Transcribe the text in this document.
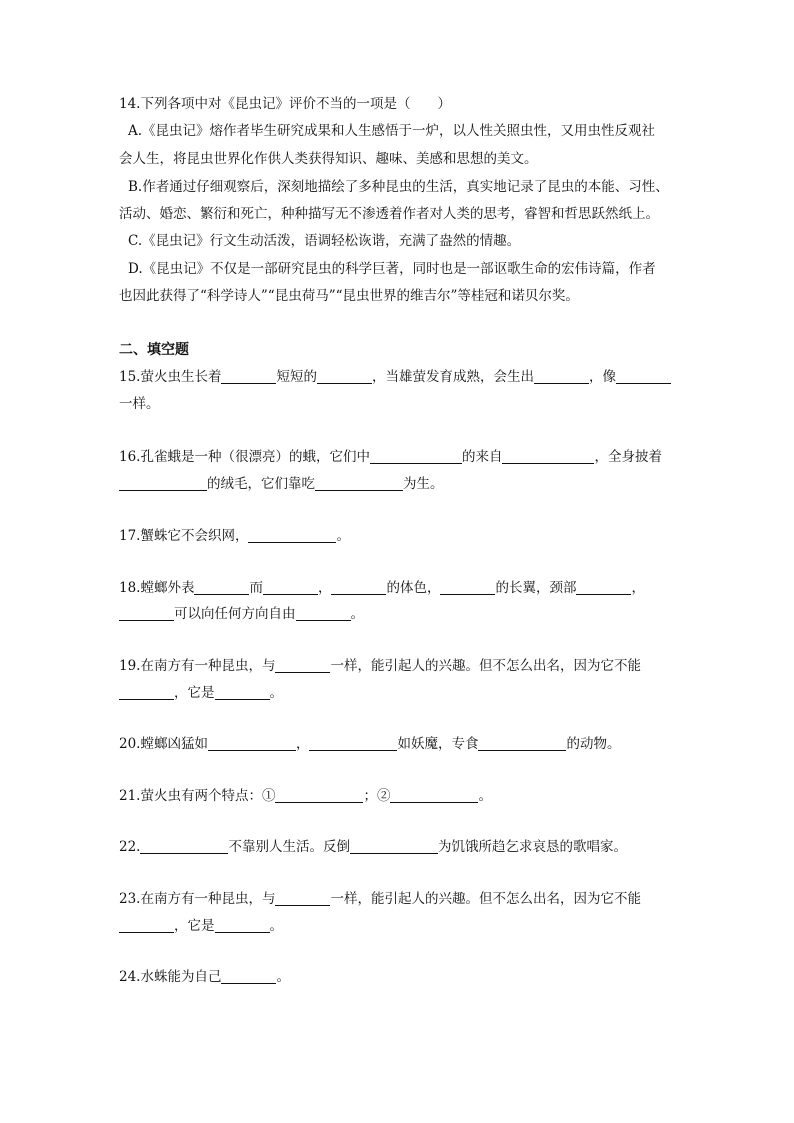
14.下列各项中对《昆虫记》评价不当的一项是（　　）
A.《昆虫记》熔作者毕生研究成果和人生感悟于一炉，以人性关照虫性，又用虫性反观社
会人生，将昆虫世界化作供人类获得知识、趣味、美感和思想的美文。
B.作者通过仔细观察后，深刻地描绘了多种昆虫的生活，真实地记录了昆虫的本能、习性、
活动、婚恋、繁衍和死亡，种种描写无不渗透着作者对人类的思考，睿智和哲思跃然纸上。
C.《昆虫记》行文生动活泼，语调轻松诙谐，充满了盎然的情趣。
D.《昆虫记》不仅是一部研究昆虫的科学巨著，同时也是一部讴歌生命的宏伟诗篇，作者
也因此获得了“科学诗人”“昆虫荷马”“昆虫世界的维吉尔”等桂冠和诺贝尔奖。
二、填空题
15.萤火虫生长着	短短的	，当雄萤发育成熟，会生出	，像
一样。
16.孔雀蛾是一种（很漂亮）的蛾，它们中	的来自	，全身披着
的绒毛，它们靠吃	为生。
17.蟹蛛它不会织网，	。
18.螳螂外表	而	，	的体色，	的长翼，颈部	，
可以向任何方向自由	。
19.在南方有一种昆虫，与	一样，能引起人的兴趣。但不怎么出名，因为它不能
，它是	。
20.螳螂凶猛如	，	如妖魔，专食	的动物。
21.萤火虫有两个特点：①	；②	。
22.	不靠别人生活。反倒	为饥饿所趋乞求哀恳的歌唱家。
23.在南方有一种昆虫，与	一样，能引起人的兴趣。但不怎么出名，因为它不能
，它是	。
24.水蛛能为自己	。
